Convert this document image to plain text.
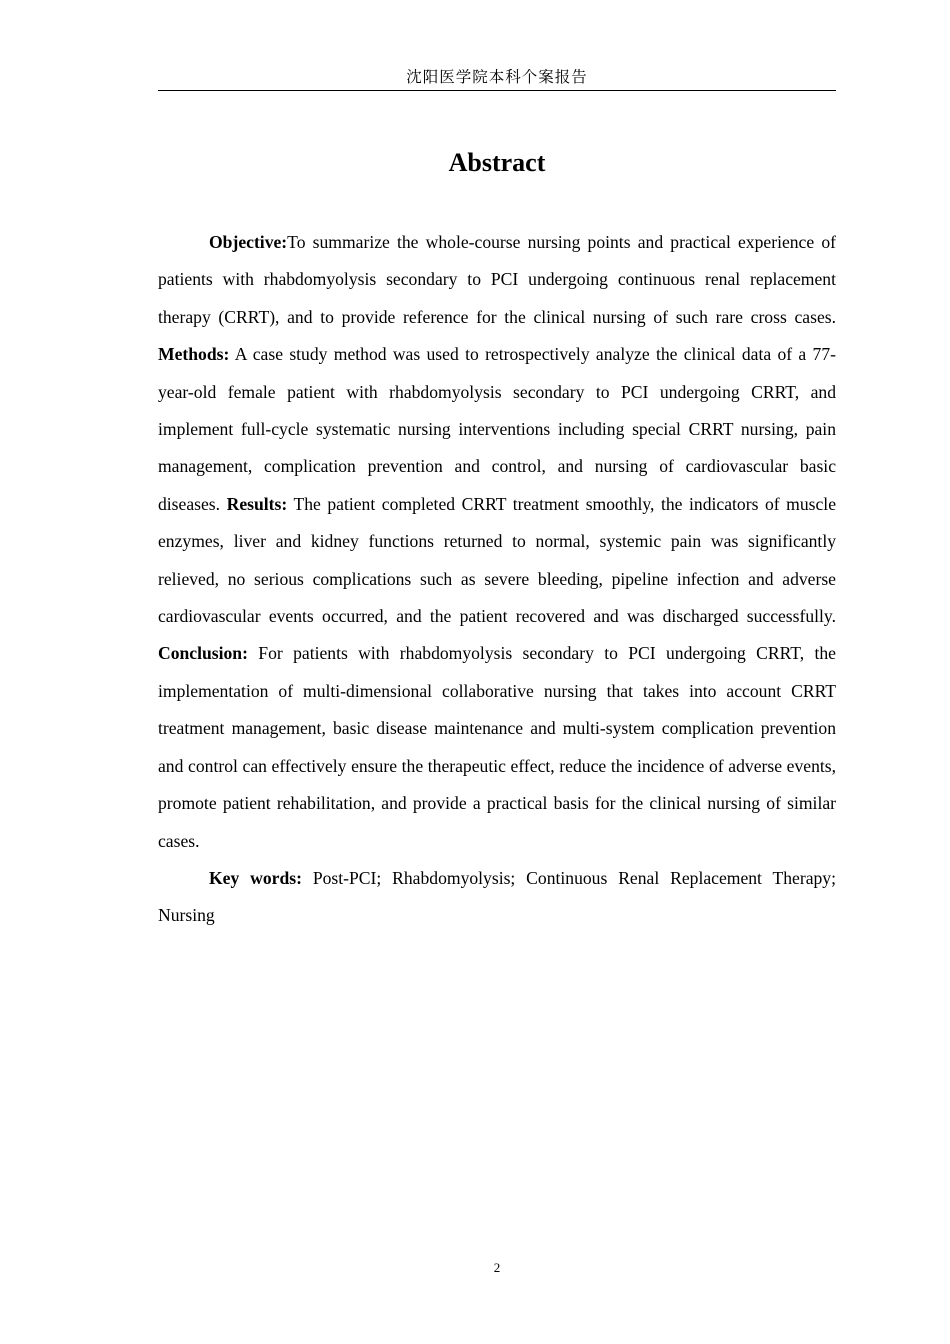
沈阳医学院本科个案报告
Abstract

Objective:To summarize the whole-course nursing points and practical experience of patients with rhabdomyolysis secondary to PCI undergoing continuous renal replacement therapy (CRRT), and to provide reference for the clinical nursing of such rare cross cases. Methods: A case study method was used to retrospectively analyze the clinical data of a 77-year-old female patient with rhabdomyolysis secondary to PCI undergoing CRRT, and implement full-cycle systematic nursing interventions including special CRRT nursing, pain management, complication prevention and control, and nursing of cardiovascular basic diseases. Results: The patient completed CRRT treatment smoothly, the indicators of muscle enzymes, liver and kidney functions returned to normal, systemic pain was significantly relieved, no serious complications such as severe bleeding, pipeline infection and adverse cardiovascular events occurred, and the patient recovered and was discharged successfully. Conclusion: For patients with rhabdomyolysis secondary to PCI undergoing CRRT, the implementation of multi-dimensional collaborative nursing that takes into account CRRT treatment management, basic disease maintenance and multi-system complication prevention and control can effectively ensure the therapeutic effect, reduce the incidence of adverse events, promote patient rehabilitation, and provide a practical basis for the clinical nursing of similar cases.

Key words: Post-PCI; Rhabdomyolysis; Continuous Renal Replacement Therapy; Nursing

2
